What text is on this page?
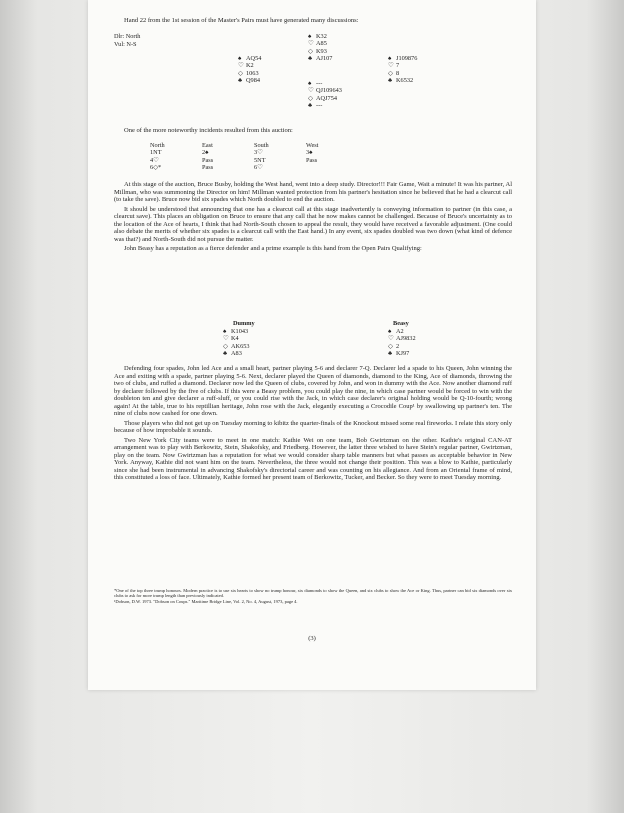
Hand 22 from the 1st session of the Master's Pairs must have generated many discussions:

Dlr: North
Vul: N-S
♠ K32
♡ A85
◇ K93
♣ AJ107
♠ AQ54
♡ K2
◇ 1063
♣ Q984
♠ J109876
♡ 7
◇ 8
♣ K6532
♠ ---
♡ QJ109643
◇ AQJ754
♣ ---

One of the more noteworthy incidents resulted from this auction:

North	East	South	West
1NT	2♠	3♡	3♠
4♡	Pass	5NT	Pass
6◇*	Pass	6♡

At this stage of the auction, Bruce Busby, holding the West hand, went into a deep study. Director!!! Fair Game, Wait a minute! It was his partner, Al Millman, who was summoning the Director on him! Millman wanted protection from his partner's hesitation since he believed that he had a clearcut call (to take the save). Bruce now bid six spades which North doubled to end the auction.

It should be understood that announcing that one has a clearcut call at this stage inadvertently is conveying information to partner (in this case, a clearcut save). This places an obligation on Bruce to ensure that any call that he now makes cannot be challenged. Because of Bruce's uncertainty as to the location of the Ace of hearts, I think that had North-South chosen to appeal the result, they would have received a favorable adjustment. (One could also debate the merits of whether six spades is a clearcut call with the East hand.) In any event, six spades doubled was two down (what kind of defence was that?) and North-South did not pursue the matter.

John Beasy has a reputation as a fierce defender and a prime example is this hand from the Open Pairs Qualifying:

Dummy
♠ K1043
♡ K4
◇ AK653
♣ A83
Beasy
♠ A2
♡ AJ9832
◇ 2
♣ KJ97

Defending four spades, John led Ace and a small heart, partner playing 5-6 and declarer 7-Q. Declarer led a spade to his Queen, John winning the Ace and exiting with a spade, partner playing 5-6. Next, declarer played the Queen of diamonds, diamond to the King, Ace of diamonds, throwing the two of clubs, and ruffed a diamond. Declarer now led the Queen of clubs, covered by John, and won in dummy with the Ace. Now another diamond ruff by declarer followed by the five of clubs. If this were a Beasy problem, you could play the nine, in which case partner would be forced to win with the doubleton ten and give declarer a ruff-sluff, or you could rise with the Jack, in which case declarer's original holding would be Q-10-fourth; wrong again! At the table, true to his reptillian heritage, John rose with the Jack, elegantly executing a Crocodile Coup¹ by swallowing up partner's ten. The nine of clubs now cashed for one down.

Those players who did not get up on Tuesday morning to kibitz the quarter-finals of the Knockout missed some real fireworks. I relate this story only because of how improbable it sounds.

Two New York City teams were to meet in one match: Kathie Wei on one team, Bob Gwirtzman on the other. Kathie's original CAN-AT arrangement was to play with Berkowitz, Stein, Shakofsky, and Friedberg. However, the latter three wished to have Stein's regular partner, Gwirtzman, play on the team. Now Gwirtzman has a reputation for what we would consider sharp table manners but what passes as acceptable behavior in New York. Anyway, Kathie did not want him on the team. Nevertheless, the three would not change their position. This was a blow to Kathie, particularly since she had been instrumental in advancing Shakofsky's directorial career and was counting on his allegiance. And from an Oriental frame of mind, this constituted a loss of face. Ultimately, Kathie formed her present team of Berkowitz, Tucker, and Becker. So they were to meet Tuesday morning.

*One of the top three trump honours. Modern practice is to use six hearts to show no trump honour, six diamonds to show the Queen, and six clubs to show the Ace or King. Thus, partner can bid six diamonds over six clubs to ask for more trump length than previously indicated.
¹Dobson, D.W. 1973. "Dobson on Coups." Maritime Bridge Line, Vol. 2, No. 4, August, 1973, page 4.
(3)
